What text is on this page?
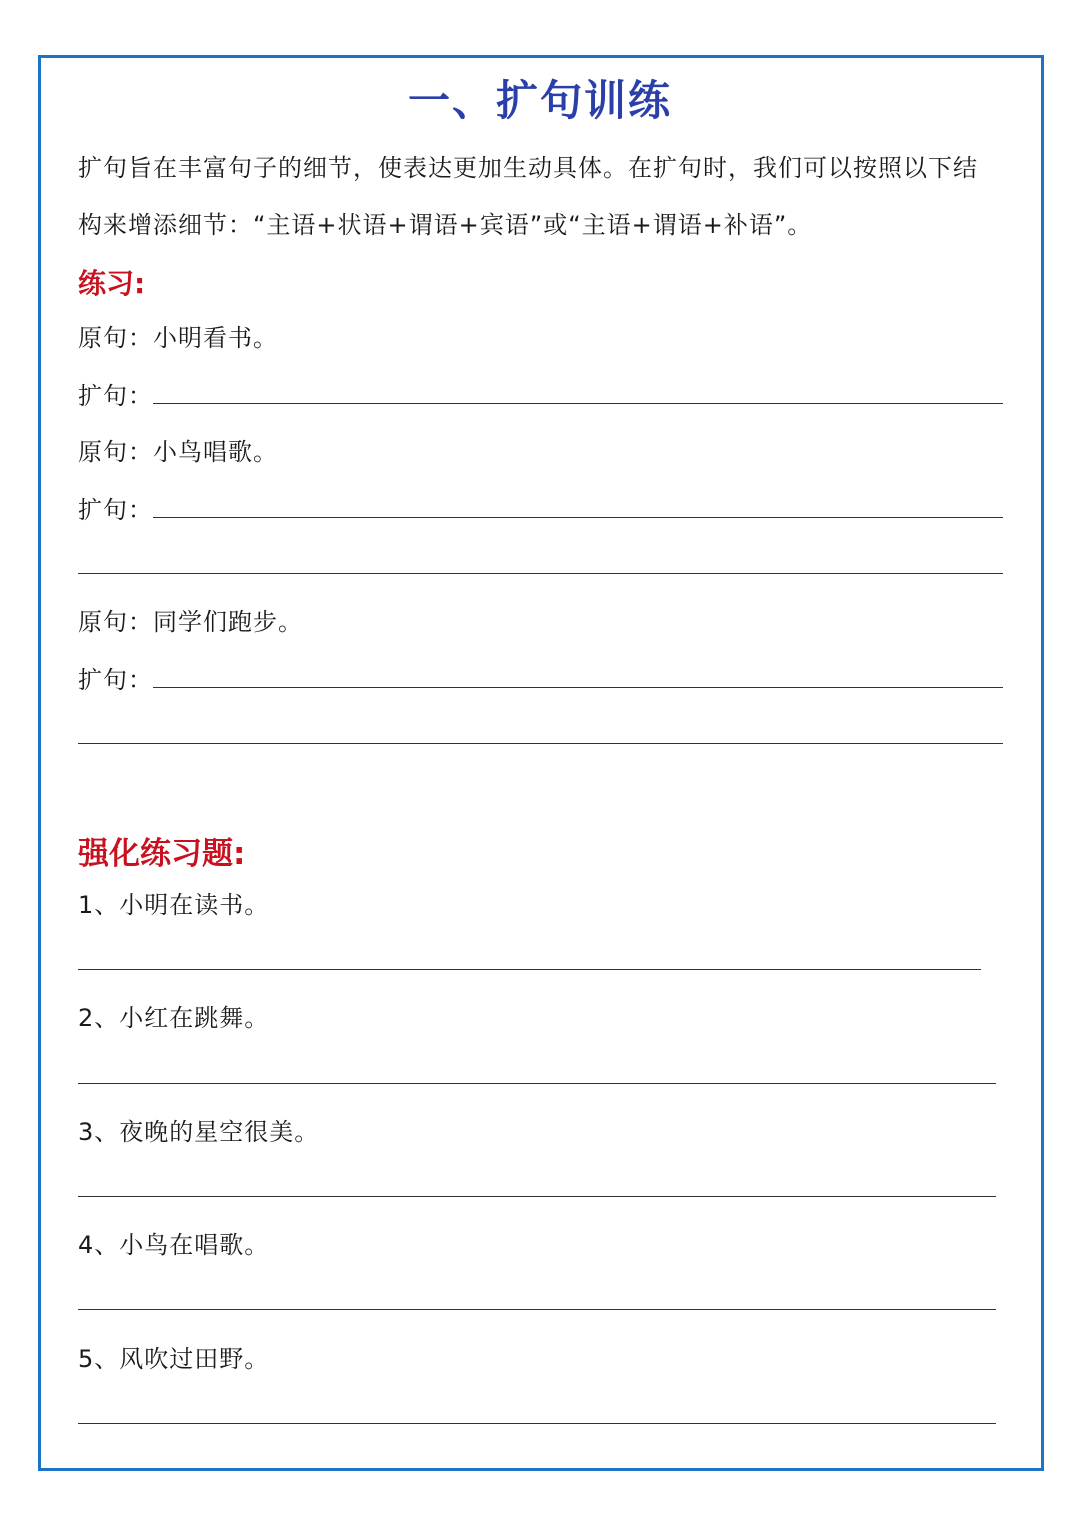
一、扩句训练

扩句旨在丰富句子的细节，使表达更加生动具体。在扩句时，我们可以按照以下结

构来增添细节：“主语+状语+谓语+宾语”或“主语+谓语+补语”。

练习:

原句：小明看书。

扩句：

原句：小鸟唱歌。

扩句：

原句：同学们跑步。

扩句：

强化练习题:

1、小明在读书。

2、小红在跳舞。

3、夜晚的星空很美。

4、小鸟在唱歌。

5、风吹过田野。
